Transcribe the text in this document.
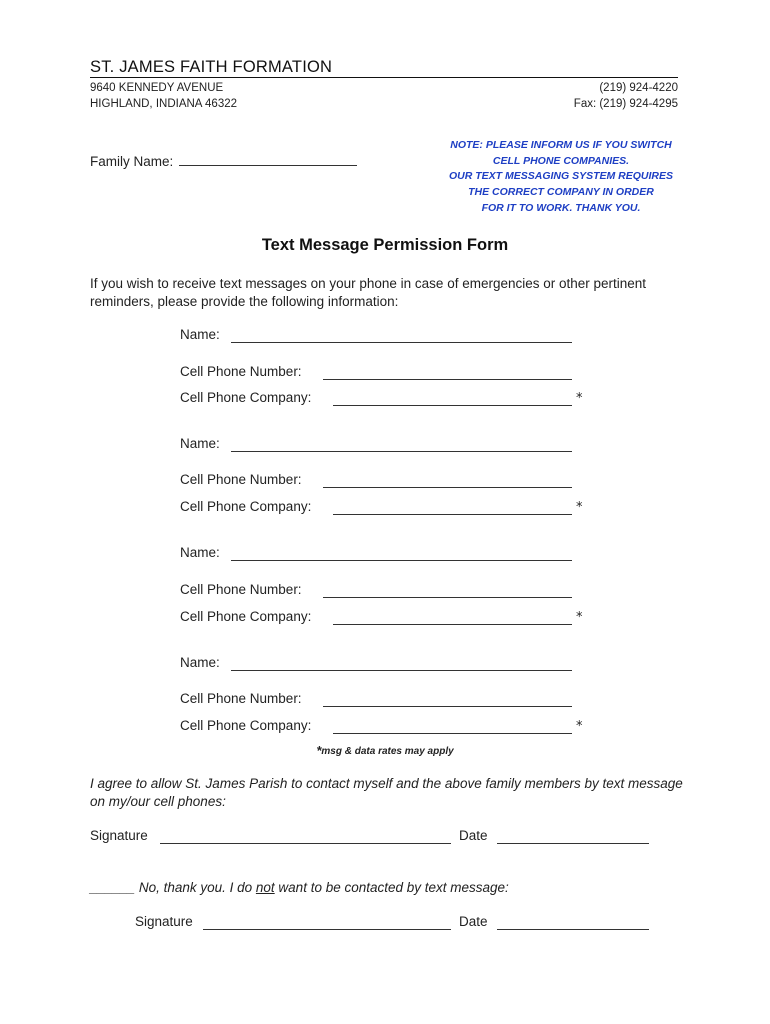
ST. JAMES FAITH FORMATION
9640 KENNEDY AVENUE
HIGHLAND, INDIANA 46322
(219) 924-4220
Fax: (219) 924-4295
Family Name:
NOTE: PLEASE INFORM US IF YOU SWITCH
CELL PHONE COMPANIES.
OUR TEXT MESSAGING SYSTEM REQUIRES
THE CORRECT COMPANY IN ORDER
FOR IT TO WORK. THANK YOU.
Text Message Permission Form
If you wish to receive text messages on your phone in case of emergencies or other pertinent reminders, please provide the following information:
Name:
Cell Phone Number:
Cell Phone Company:	*
Name:
Cell Phone Number:
Cell Phone Company:	*
Name:
Cell Phone Number:
Cell Phone Company:	*
Name:
Cell Phone Number:
Cell Phone Company:	*
*msg & data rates may apply
I agree to allow St. James Parish to contact myself and the above family members by text message on my/our cell phones:
Signature	Date
______ No, thank you. I do not want to be contacted by text message:
Signature	Date
